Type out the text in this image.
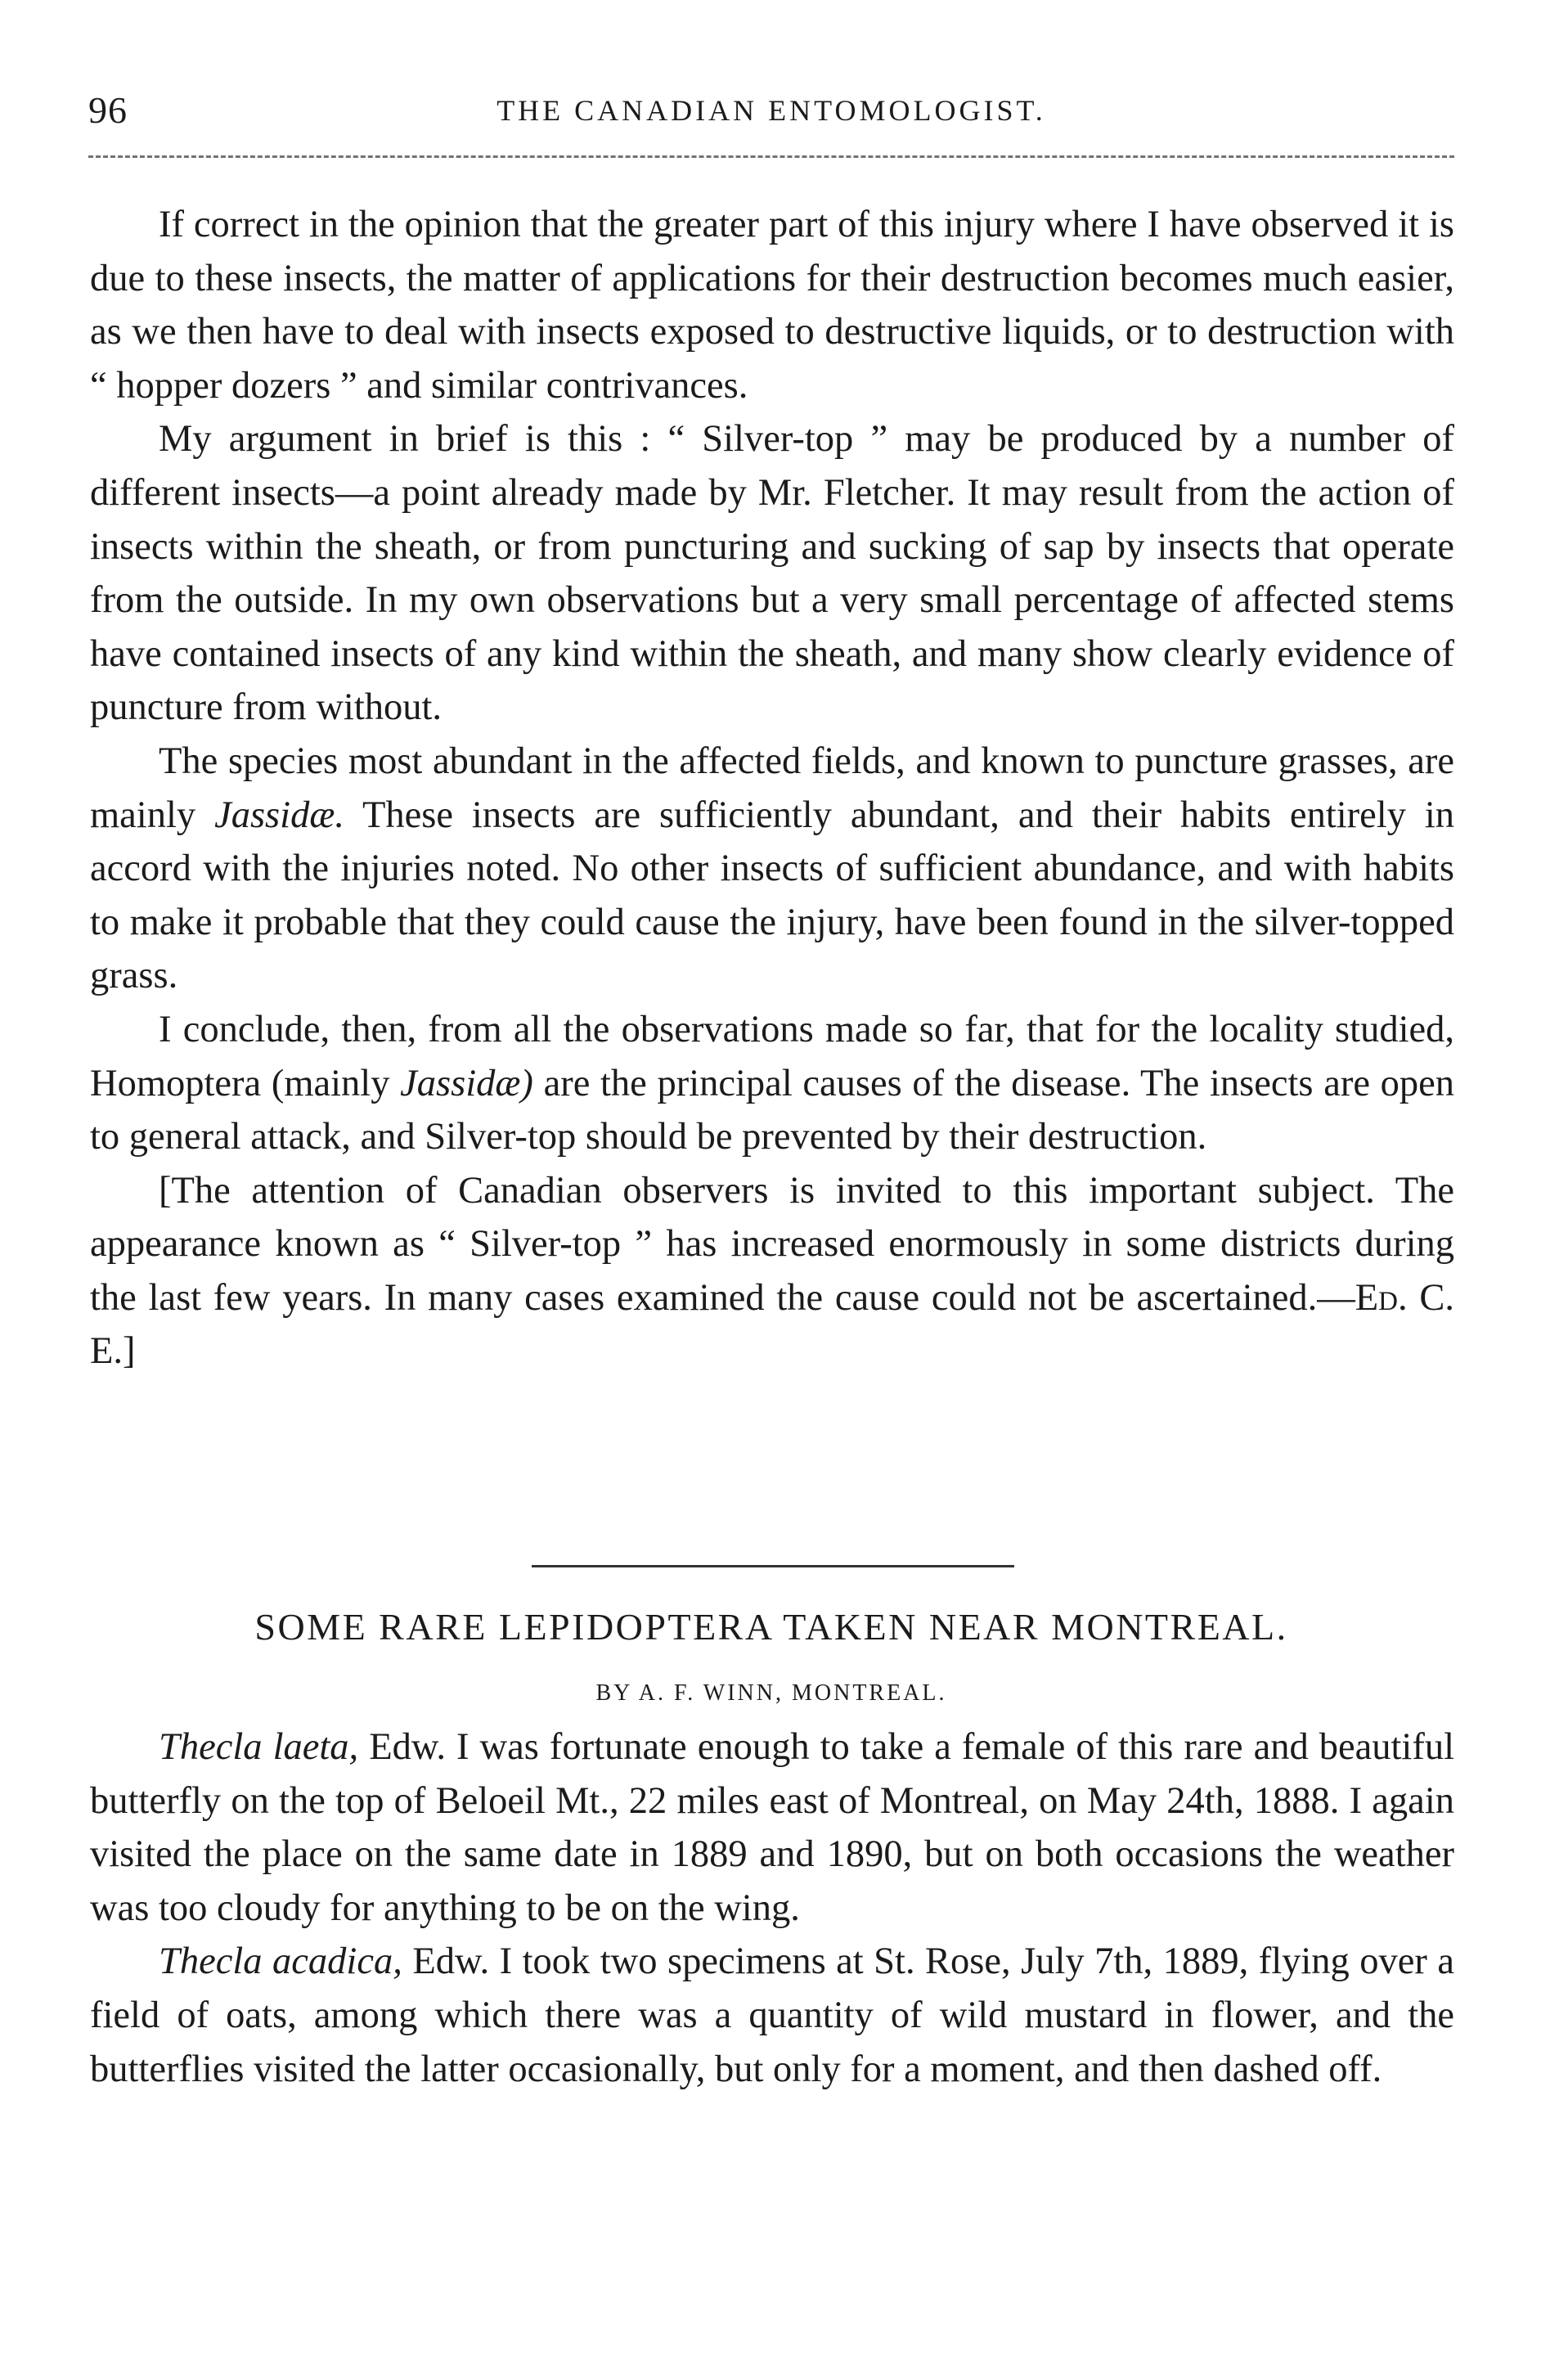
96	THE CANADIAN ENTOMOLOGIST.

If correct in the opinion that the greater part of this injury where I have observed it is due to these insects, the matter of applications for their destruction becomes much easier, as we then have to deal with insects exposed to destructive liquids, or to destruction with “ hopper dozers ” and similar contrivances.

My argument in brief is this : “ Silver-top ” may be produced by a number of different insects—a point already made by Mr. Fletcher. It may result from the action of insects within the sheath, or from puncturing and sucking of sap by insects that operate from the outside. In my own observations but a very small percentage of affected stems have contained insects of any kind within the sheath, and many show clearly evidence of puncture from without.

The species most abundant in the affected fields, and known to puncture grasses, are mainly Jassidæ. These insects are sufficiently abundant, and their habits entirely in accord with the injuries noted. No other insects of sufficient abundance, and with habits to make it probable that they could cause the injury, have been found in the silver-topped grass.

I conclude, then, from all the observations made so far, that for the locality studied, Homoptera (mainly Jassidæ) are the principal causes of the disease. The insects are open to general attack, and Silver-top should be prevented by their destruction.

[The attention of Canadian observers is invited to this important subject. The appearance known as “ Silver-top ” has increased enormously in some districts during the last few years. In many cases examined the cause could not be ascertained.—Ed. C. E.]

SOME RARE LEPIDOPTERA TAKEN NEAR MONTREAL.
BY A. F. WINN, MONTREAL.

Thecla laeta, Edw. I was fortunate enough to take a female of this rare and beautiful butterfly on the top of Beloeil Mt., 22 miles east of Montreal, on May 24th, 1888. I again visited the place on the same date in 1889 and 1890, but on both occasions the weather was too cloudy for anything to be on the wing.

Thecla acadica, Edw. I took two specimens at St. Rose, July 7th, 1889, flying over a field of oats, among which there was a quantity of wild mustard in flower, and the butterflies visited the latter occasionally, but only for a moment, and then dashed off.
